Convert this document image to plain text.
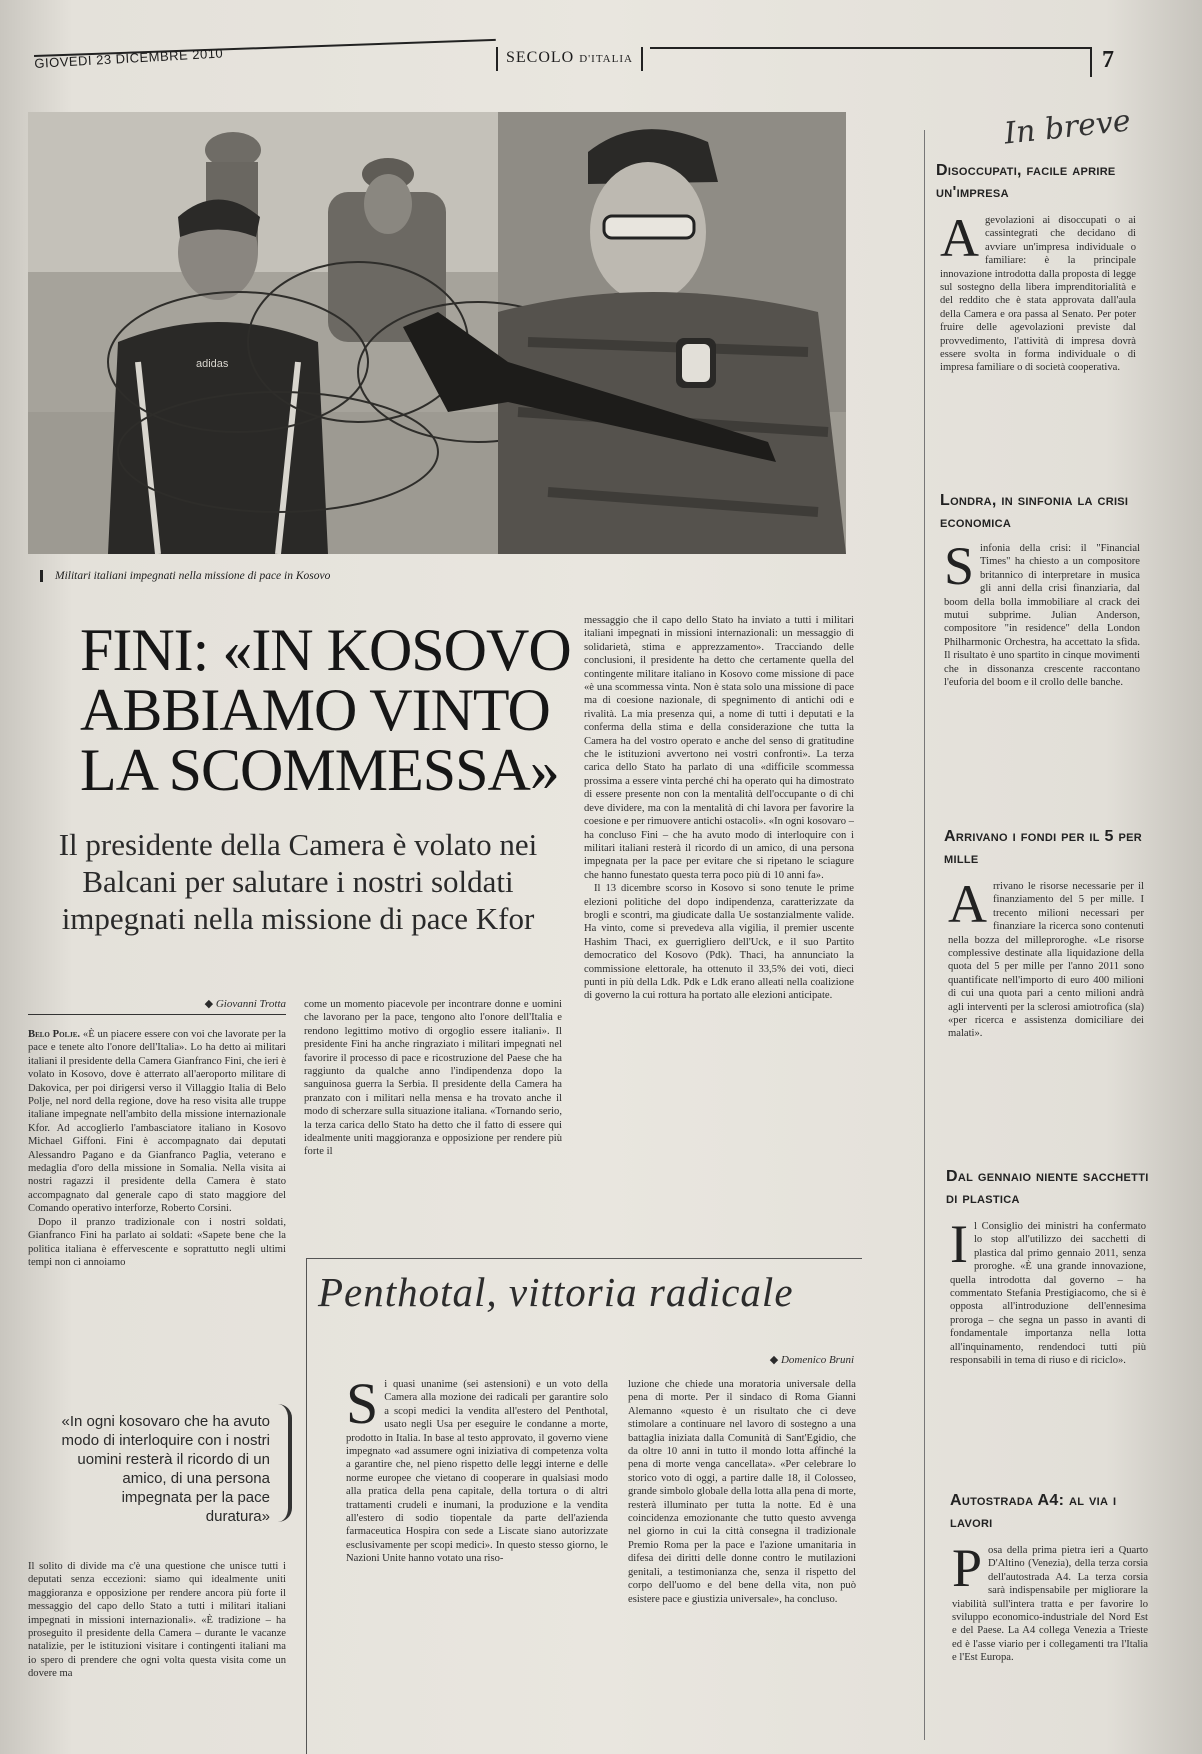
GIOVEDÌ 23 DICEMBRE 2010	SECOLO D'ITALIA	7
adidas
Militari italiani impegnati nella missione di pace in Kosovo
FINI: «IN KOSOVO ABBIAMO VINTO LA SCOMMESSA»
Il presidente della Camera è volato nei Balcani per salutare i nostri soldati impegnati nella missione di pace Kfor
◆ Giovanni Trotta

Belo Polje. «È un piacere essere con voi che lavorate per la pace e tenete alto l'onore dell'Italia». Lo ha detto ai militari italiani il presidente della Camera Gianfranco Fini, che ieri è volato in Kosovo, dove è atterrato all'aeroporto militare di Dakovica, per poi dirigersi verso il Villaggio Italia di Belo Polje, nel nord della regione, dove ha reso visita alle truppe italiane impegnate nell'ambito della missione internazionale Kfor. Ad accoglierlo l'ambasciatore italiano in Kosovo Michael Giffoni. Fini è accompagnato dai deputati Alessandro Pagano e da Gianfranco Paglia, veterano e medaglia d'oro della missione in Somalia. Nella visita ai nostri ragazzi il presidente della Camera è stato accompagnato dal generale capo di stato maggiore del Comando operativo interforze, Roberto Corsini.

Dopo il pranzo tradizionale con i nostri soldati, Gianfranco Fini ha parlato ai soldati: «Sapete bene che la politica italiana è effervescente e soprattutto negli ultimi tempi non ci annoiamo

«In ogni kosovaro che ha avuto modo di interloquire con i nostri uomini resterà il ricordo di un amico, di una persona impegnata per la pace duratura»

Il solito di divide ma c'è una questione che unisce tutti i deputati senza eccezioni: siamo qui idealmente uniti maggioranza e opposizione per rendere ancora più forte il messaggio del capo dello Stato a tutti i militari italiani impegnati in missioni internazionali». «È tradizione – ha proseguito il presidente della Camera – durante le vacanze natalizie, per le istituzioni visitare i contingenti italiani ma io spero di prendere che ogni volta questa visita come un dovere ma

come un momento piacevole per incontrare donne e uomini che lavorano per la pace, tengono alto l'onore dell'Italia e rendono legittimo motivo di orgoglio essere italiani». Il presidente Fini ha anche ringraziato i militari impegnati nel favorire il processo di pace e ricostruzione del Paese che ha raggiunto da qualche anno l'indipendenza dopo la sanguinosa guerra la Serbia. Il presidente della Camera ha pranzato con i militari nella mensa e ha trovato anche il modo di scherzare sulla situazione italiana. «Tornando serio, la terza carica dello Stato ha detto che il fatto di essere qui idealmente uniti maggioranza e opposizione per rendere più forte il

messaggio che il capo dello Stato ha inviato a tutti i militari italiani impegnati in missioni internazionali: un messaggio di solidarietà, stima e apprezzamento». Tracciando delle conclusioni, il presidente ha detto che certamente quella del contingente militare italiano in Kosovo come missione di pace «è una scommessa vinta. Non è stata solo una missione di pace ma di coesione nazionale, di spegnimento di antichi odi e rivalità. La mia presenza qui, a nome di tutti i deputati e la conferma della stima e della considerazione che tutta la Camera ha del vostro operato e anche del senso di gratitudine che le istituzioni avvertono nei vostri confronti». La terza carica dello Stato ha parlato di una «difficile scommessa prossima a essere vinta perché chi ha operato qui ha dimostrato di essere presente non con la mentalità dell'occupante o di chi deve dividere, ma con la mentalità di chi lavora per favorire la coesione e per rimuovere antichi ostacoli». «In ogni kosovaro – ha concluso Fini – che ha avuto modo di interloquire con i militari italiani resterà il ricordo di un amico, di una persona impegnata per la pace per evitare che si ripetano le sciagure che hanno funestato questa terra poco più di 10 anni fa».

Il 13 dicembre scorso in Kosovo si sono tenute le prime elezioni politiche del dopo indipendenza, caratterizzate da brogli e scontri, ma giudicate dalla Ue sostanzialmente valide. Ha vinto, come si prevedeva alla vigilia, il premier uscente Hashim Thaci, ex guerrigliero dell'Uck, e il suo Partito democratico del Kosovo (Pdk). Thaci, ha annunciato la commissione elettorale, ha ottenuto il 33,5% dei voti, dieci punti in più della Ldk. Pdk e Ldk erano alleati nella coalizione di governo la cui rottura ha portato alle elezioni anticipate.

Penthotal, vittoria radicale
◆ Domenico Bruni
Si quasi unanime (sei astensioni) e un voto della Camera alla mozione dei radicali per garantire solo a scopi medici la vendita all'estero del Penthotal, usato negli Usa per eseguire le condanne a morte, prodotto in Italia. In base al testo approvato, il governo viene impegnato «ad assumere ogni iniziativa di competenza volta a garantire che, nel pieno rispetto delle leggi interne e delle norme europee che vietano di cooperare in qualsiasi modo alla pratica della pena capitale, della tortura o di altri trattamenti crudeli e inumani, la produzione e la vendita all'estero di sodio tiopentale da parte dell'azienda farmaceutica Hospira con sede a Liscate siano autorizzate esclusivamente per scopi medici». In questo stesso giorno, le Nazioni Unite hanno votato una riso-

luzione che chiede una moratoria universale della pena di morte. Per il sindaco di Roma Gianni Alemanno «questo è un risultato che ci deve stimolare a continuare nel lavoro di sostegno a una battaglia iniziata dalla Comunità di Sant'Egidio, che da oltre 10 anni in tutto il mondo lotta affinché la pena di morte venga cancellata». «Per celebrare lo storico voto di oggi, a partire dalle 18, il Colosseo, grande simbolo globale della lotta alla pena di morte, resterà illuminato per tutta la notte. Ed è una coincidenza emozionante che tutto questo avvenga nel giorno in cui la città consegna il tradizionale Premio Roma per la pace e l'azione umanitaria in difesa dei diritti delle donne contro le mutilazioni genitali, a testimonianza che, senza il rispetto del corpo dell'uomo e del bene della vita, non può esistere pace e giustizia universale», ha concluso.

In breve
Disoccupati, facile aprire un'impresa
Agevolazioni ai disoccupati o ai cassintegrati che decidano di avviare un'impresa individuale o familiare: è la principale innovazione introdotta dalla proposta di legge sul sostegno della libera imprenditorialità e del reddito che è stata approvata dall'aula della Camera e ora passa al Senato. Per poter fruire delle agevolazioni previste dal provvedimento, l'attività di impresa dovrà essere svolta in forma individuale o di impresa familiare o di società cooperativa.
Londra, in sinfonia la crisi economica
Sinfonia della crisi: il "Financial Times" ha chiesto a un compositore britannico di interpretare in musica gli anni della crisi finanziaria, dal boom della bolla immobiliare al crack dei mutui subprime. Julian Anderson, compositore "in residence" della London Philharmonic Orchestra, ha accettato la sfida. Il risultato è uno spartito in cinque movimenti che in dissonanza crescente raccontano l'euforia del boom e il crollo delle banche.
Arrivano i fondi per il 5 per mille
Arrivano le risorse necessarie per il finanziamento del 5 per mille. I trecento milioni necessari per finanziare la ricerca sono contenuti nella bozza del milleproroghe. «Le risorse complessive destinate alla liquidazione della quota del 5 per mille per l'anno 2011 sono quantificate nell'importo di euro 400 milioni di cui una quota pari a cento milioni andrà agli interventi per la sclerosi amiotrofica (sla) «per ricerca e assistenza domiciliare dei malati».
Dal gennaio niente sacchetti di plastica
Il Consiglio dei ministri ha confermato lo stop all'utilizzo dei sacchetti di plastica dal primo gennaio 2011, senza proroghe. «È una grande innovazione, quella introdotta dal governo – ha commentato Stefania Prestigiacomo, che si è opposta all'introduzione dell'ennesima proroga – che segna un passo in avanti di fondamentale importanza nella lotta all'inquinamento, rendendoci tutti più responsabili in tema di riuso e di riciclo».
Autostrada A4: al via i lavori
Posa della prima pietra ieri a Quarto D'Altino (Venezia), della terza corsia dell'autostrada A4. La terza corsia sarà indispensabile per migliorare la viabilità sull'intera tratta e per favorire lo sviluppo economico-industriale del Nord Est e del Paese. La A4 collega Venezia a Trieste ed è l'asse viario per i collegamenti tra l'Italia e l'Est Europa.
